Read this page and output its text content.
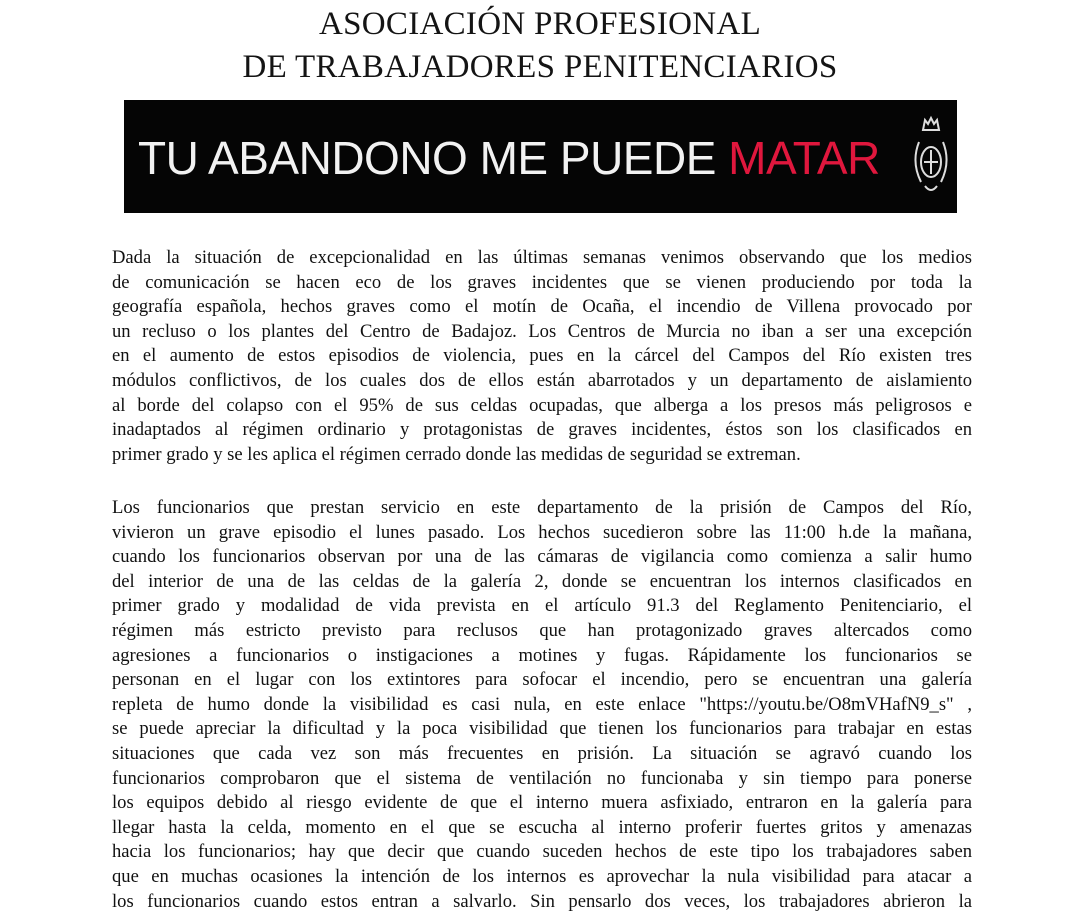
ASOCIACIÓN PROFESIONAL
DE TRABAJADORES PENITENCIARIOS
TU ABANDONO ME PUEDE MATAR
Dada la situación de excepcionalidad en las últimas semanas venimos observando que los medios
de comunicación se hacen eco de los graves incidentes que se vienen produciendo por toda la
geografía española, hechos graves como el motín de Ocaña, el incendio de Villena provocado por
un recluso o los plantes del Centro de Badajoz. Los Centros de Murcia no iban a ser una excepción
en el aumento de estos episodios de violencia, pues en la cárcel del Campos del Río existen tres
módulos conflictivos, de los cuales dos de ellos están abarrotados y un departamento de aislamiento
al borde del colapso con el 95% de sus celdas ocupadas, que alberga a los presos más peligrosos e
inadaptados al régimen ordinario y protagonistas de graves incidentes, éstos son los clasificados en
primer grado y se les aplica el régimen cerrado donde las medidas de seguridad se extreman.
Los funcionarios que prestan servicio en este departamento de la prisión de Campos del Río,
vivieron un grave episodio el lunes pasado. Los hechos sucedieron sobre las 11:00 h.de la mañana,
cuando los funcionarios observan por una de las cámaras de vigilancia como comienza a salir humo
del interior de una de las celdas de la galería 2, donde se encuentran los internos clasificados en
primer grado y modalidad de vida prevista en el artículo 91.3 del Reglamento Penitenciario, el
régimen más estricto previsto para reclusos que han protagonizado graves altercados como
agresiones a funcionarios o instigaciones a motines y fugas. Rápidamente los funcionarios se
personan en el lugar con los extintores para sofocar el incendio, pero se encuentran una galería
repleta de humo donde la visibilidad es casi nula, en este enlace "https://youtu.be/O8mVHafN9_s" ,
se puede apreciar la dificultad y la poca visibilidad que tienen los funcionarios para trabajar en estas
situaciones que cada vez son más frecuentes en prisión. La situación se agravó cuando los
funcionarios comprobaron que el sistema de ventilación no funcionaba y sin tiempo para ponerse
los equipos debido al riesgo evidente de que el interno muera asfixiado, entraron en la galería para
llegar hasta la celda, momento en el que se escucha al interno proferir fuertes gritos y amenazas
hacia los funcionarios; hay que decir que cuando suceden hechos de este tipo los trabajadores saben
que en muchas ocasiones la intención de los internos es aprovechar la nula visibilidad para atacar a
los funcionarios cuando estos entran a salvarlo. Sin pensarlo dos veces, los trabajadores abrieron la
